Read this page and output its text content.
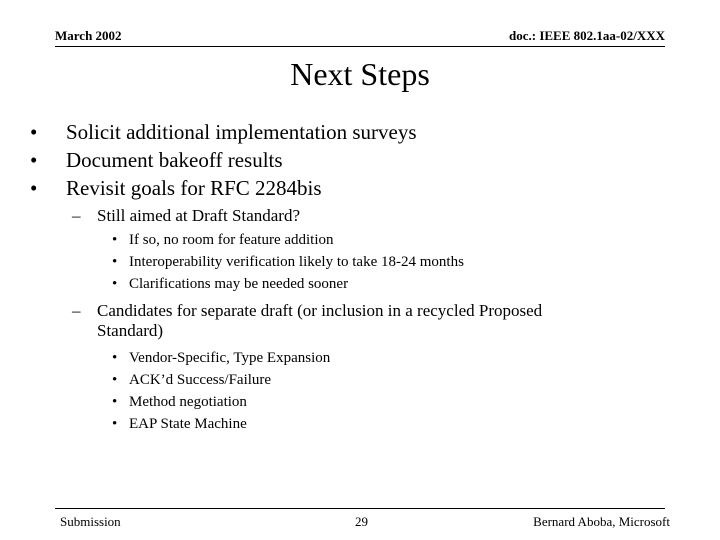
March 2002	doc.: IEEE 802.1aa-02/XXX
Next Steps
• Solicit additional implementation surveys
• Document bakeoff results
• Revisit goals for RFC 2284bis
– Still aimed at Draft Standard?
• If so, no room for feature addition
• Interoperability verification likely to take 18-24 months
• Clarifications may be needed sooner
– Candidates for separate draft (or inclusion in a recycled Proposed
Standard)
• Vendor-Specific, Type Expansion
• ACK’d Success/Failure
• Method negotiation
• EAP State Machine
Submission	29	Bernard Aboba, Microsoft
